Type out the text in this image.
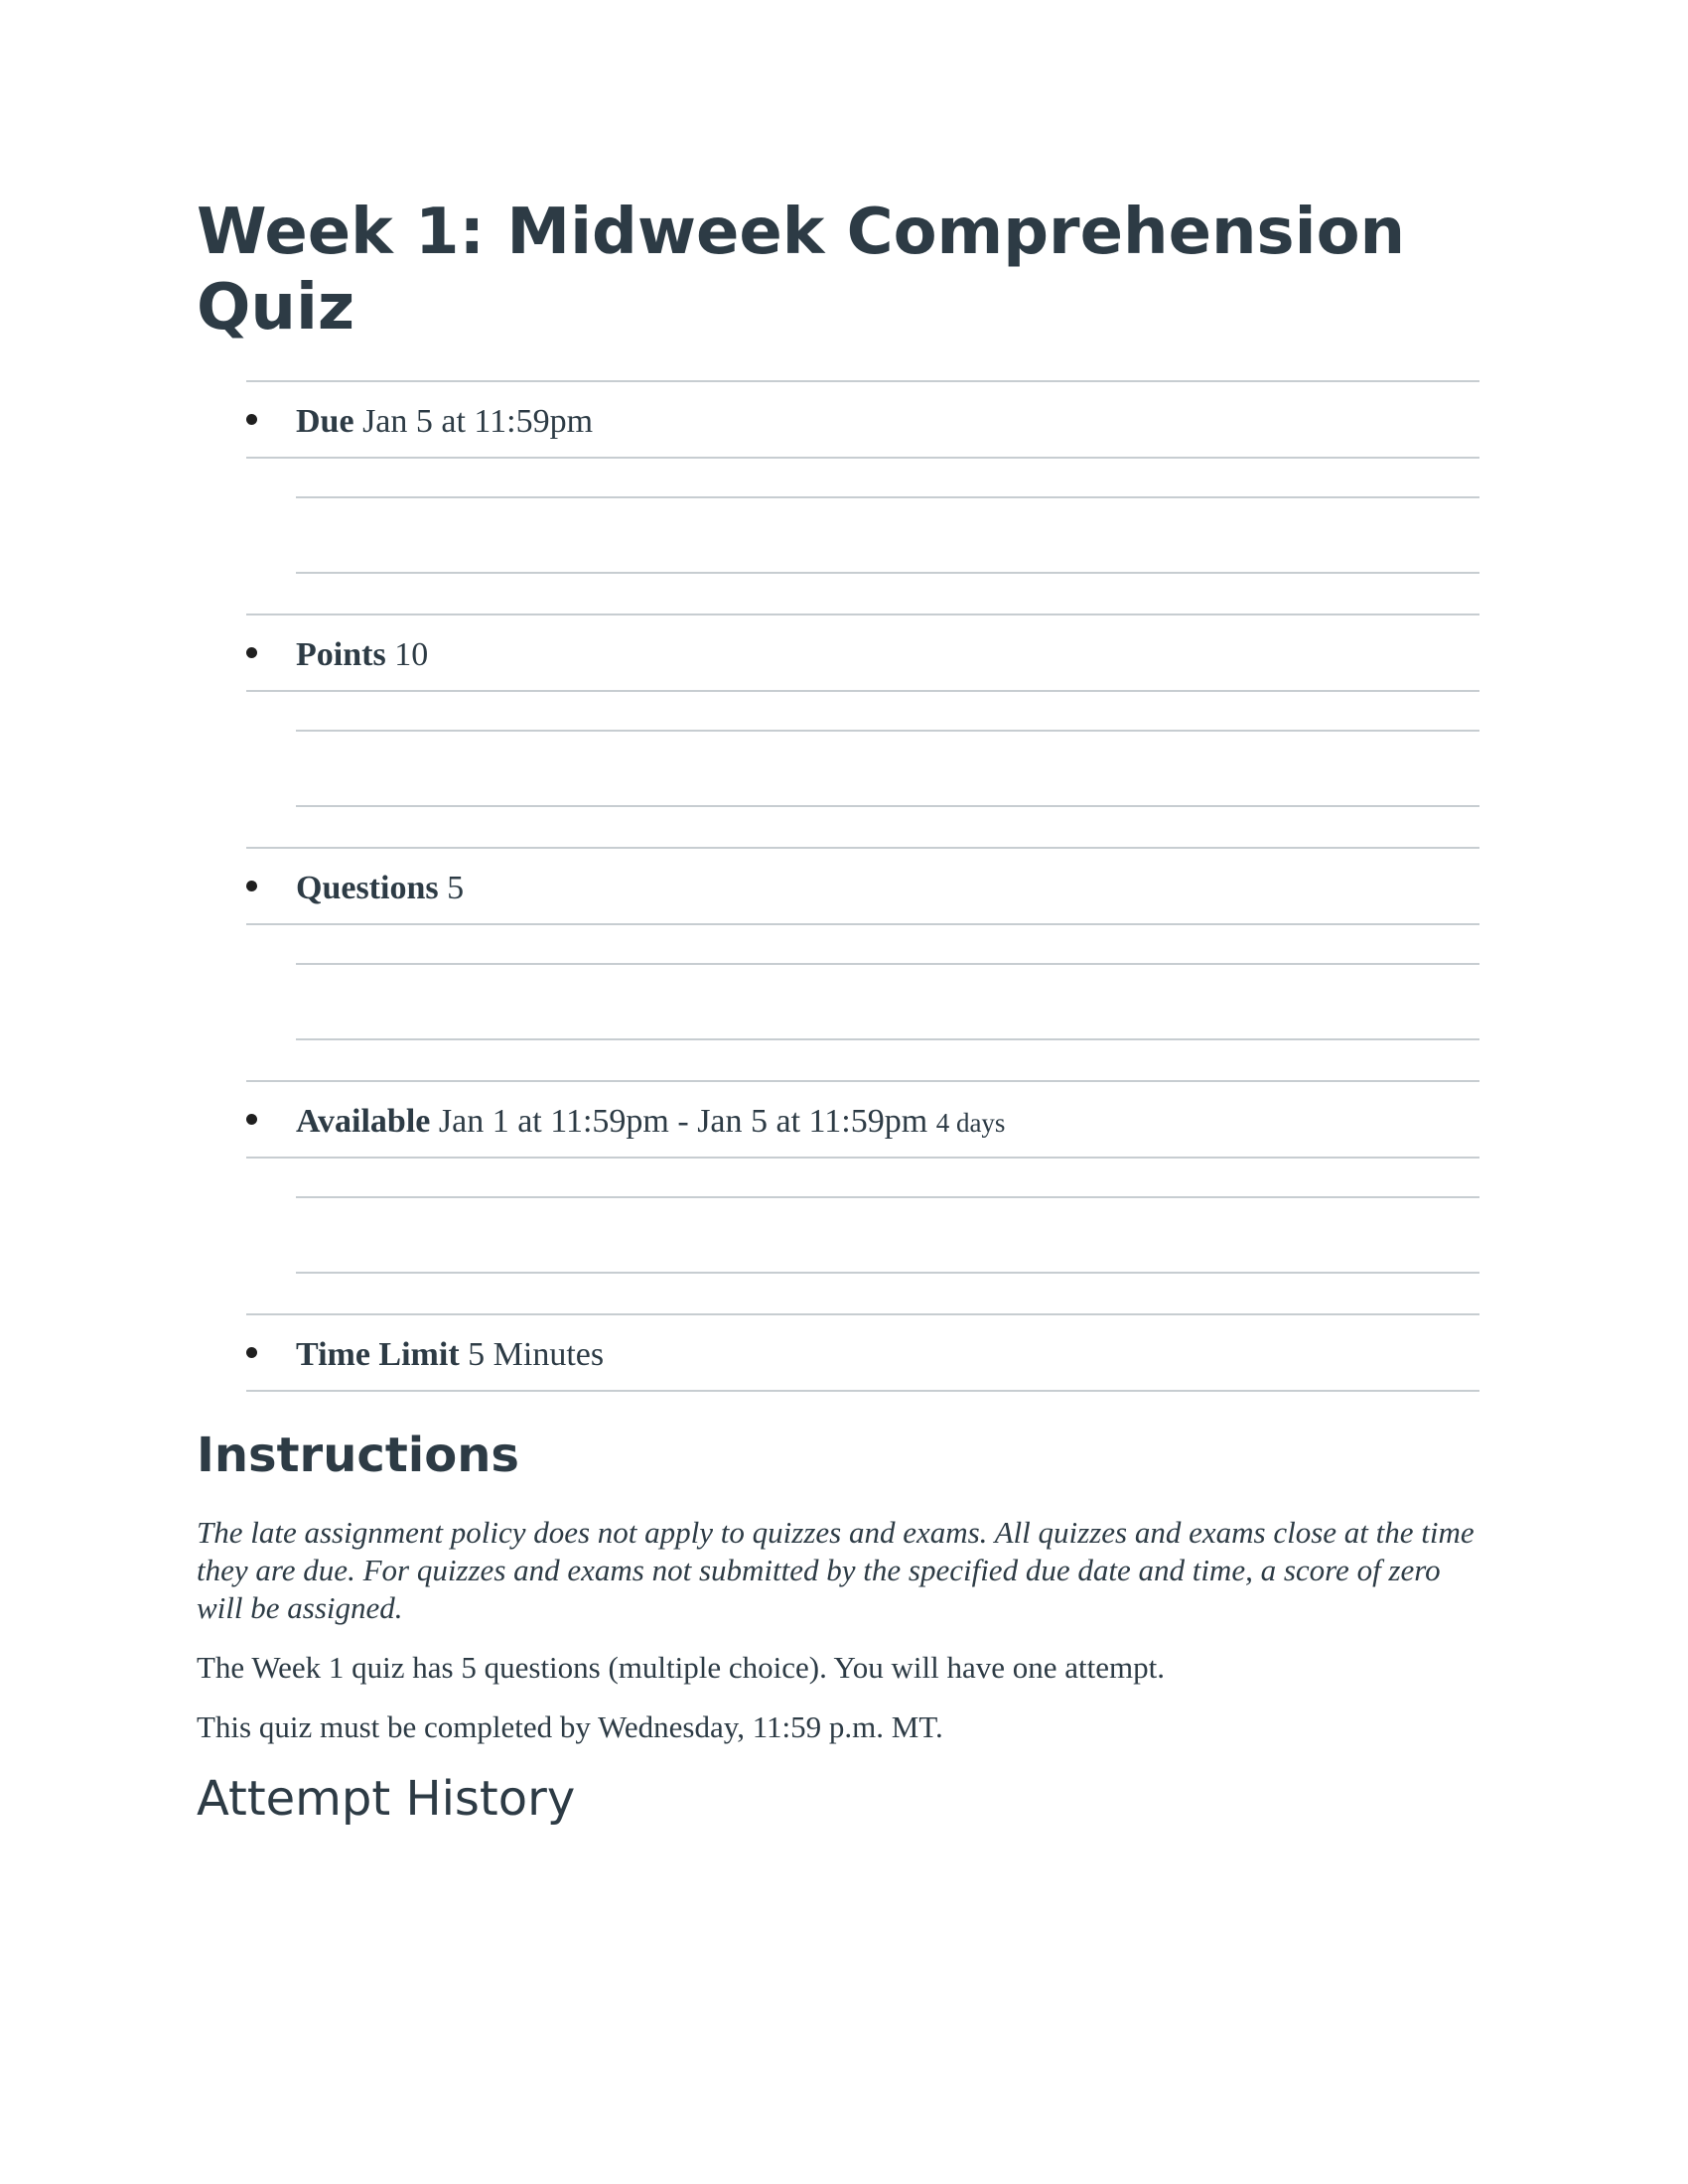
Week 1: Midweek Comprehension Quiz
Due Jan 5 at 11:59pm
Points 10
Questions 5
Available Jan 1 at 11:59pm - Jan 5 at 11:59pm 4 days
Time Limit 5 Minutes
Instructions

The late assignment policy does not apply to quizzes and exams. All quizzes and exams close at the time they are due. For quizzes and exams not submitted by the specified due date and time, a score of zero will be assigned.

The Week 1 quiz has 5 questions (multiple choice). You will have one attempt.

This quiz must be completed by Wednesday, 11:59 p.m. MT.

Attempt History
